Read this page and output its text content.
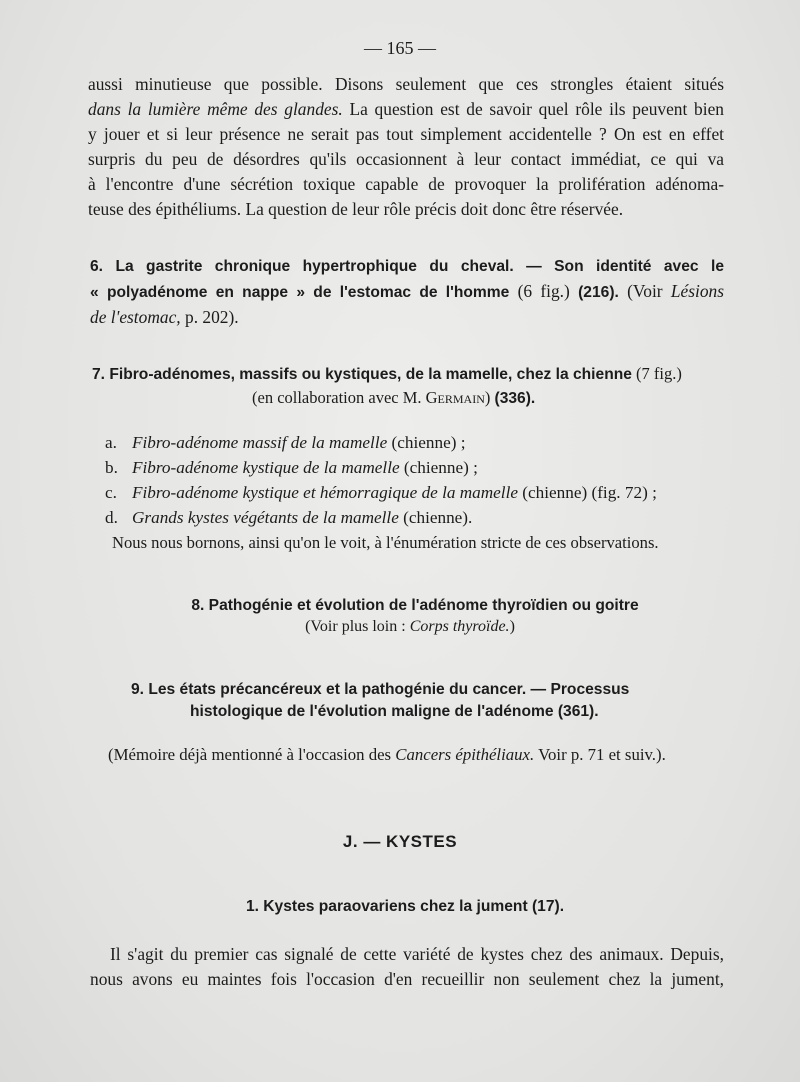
— 165 —
aussi minutieuse que possible. Disons seulement que ces strongles étaient situés
dans la lumière même des glandes. La question est de savoir quel rôle ils peuvent bien
y jouer et si leur présence ne serait pas tout simplement accidentelle ? On est en effet
surpris du peu de désordres qu'ils occasionnent à leur contact immédiat, ce qui va
à l'encontre d'une sécrétion toxique capable de provoquer la prolifération adénoma-
teuse des épithéliums. La question de leur rôle précis doit donc être réservée.
6. La gastrite chronique hypertrophique du cheval. — Son identité avec le
« polyadénome en nappe » de l'estomac de l'homme (6 fig.) (216). (Voir Lésions
de l'estomac, p. 202).
7. Fibro-adénomes, massifs ou kystiques, de la mamelle, chez la chienne (7 fig.)
(en collaboration avec M. Germain) (336).
a. Fibro-adénome massif de la mamelle (chienne) ;
b. Fibro-adénome kystique de la mamelle (chienne) ;
c. Fibro-adénome kystique et hémorragique de la mamelle (chienne) (fig. 72) ;
d. Grands kystes végétants de la mamelle (chienne).
Nous nous bornons, ainsi qu'on le voit, à l'énumération stricte de ces observations.
8. Pathogénie et évolution de l'adénome thyroïdien ou goitre
(Voir plus loin : Corps thyroïde.)
9. Les états précancéreux et la pathogénie du cancer. — Processus
histologique de l'évolution maligne de l'adénome (361).
(Mémoire déjà mentionné à l'occasion des Cancers épithéliaux. Voir p. 71 et suiv.).
J. — KYSTES
1. Kystes paraovariens chez la jument (17).
Il s'agit du premier cas signalé de cette variété de kystes chez des animaux. Depuis,
nous avons eu maintes fois l'occasion d'en recueillir non seulement chez la jument,
